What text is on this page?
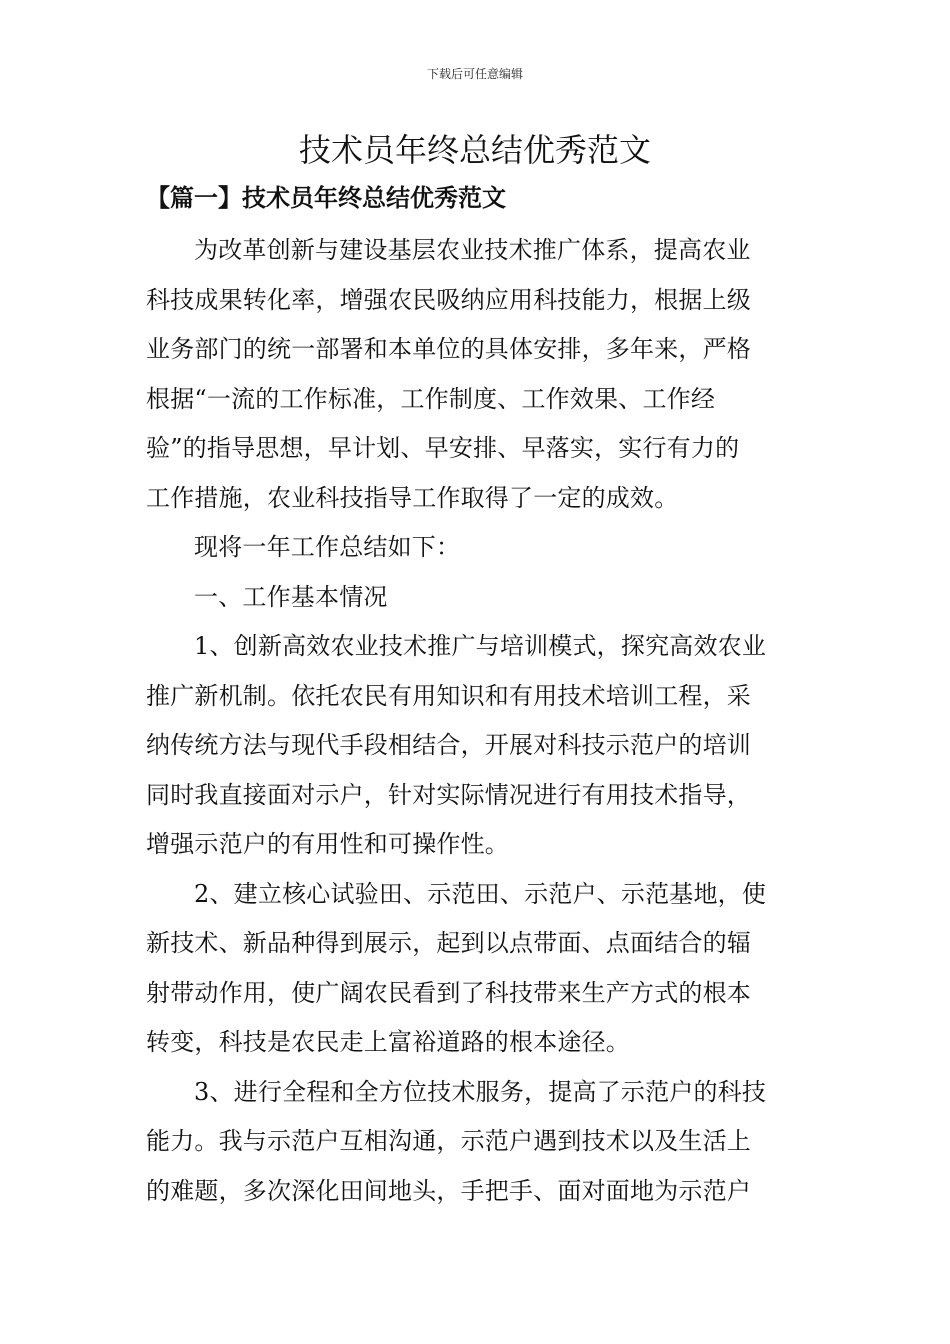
下载后可任意编辑
技术员年终总结优秀范文
【篇一】技术员年终总结优秀范文
为改革创新与建设基层农业技术推广体系，提高农业
科技成果转化率，增强农民吸纳应用科技能力，根据上级
业务部门的统一部署和本单位的具体安排，多年来，严格
根据“一流的工作标准，工作制度、工作效果、工作经
验”的指导思想，早计划、早安排、早落实，实行有力的
工作措施，农业科技指导工作取得了一定的成效。
现将一年工作总结如下：
一、工作基本情况
1、创新高效农业技术推广与培训模式，探究高效农业
推广新机制。依托农民有用知识和有用技术培训工程，采
纳传统方法与现代手段相结合，开展对科技示范户的培训
同时我直接面对示户，针对实际情况进行有用技术指导，
增强示范户的有用性和可操作性。
2、建立核心试验田、示范田、示范户、示范基地，使
新技术、新品种得到展示，起到以点带面、点面结合的辐
射带动作用，使广阔农民看到了科技带来生产方式的根本
转变，科技是农民走上富裕道路的根本途径。
3、进行全程和全方位技术服务，提高了示范户的科技
能力。我与示范户互相沟通，示范户遇到技术以及生活上
的难题，多次深化田间地头，手把手、面对面地为示范户
